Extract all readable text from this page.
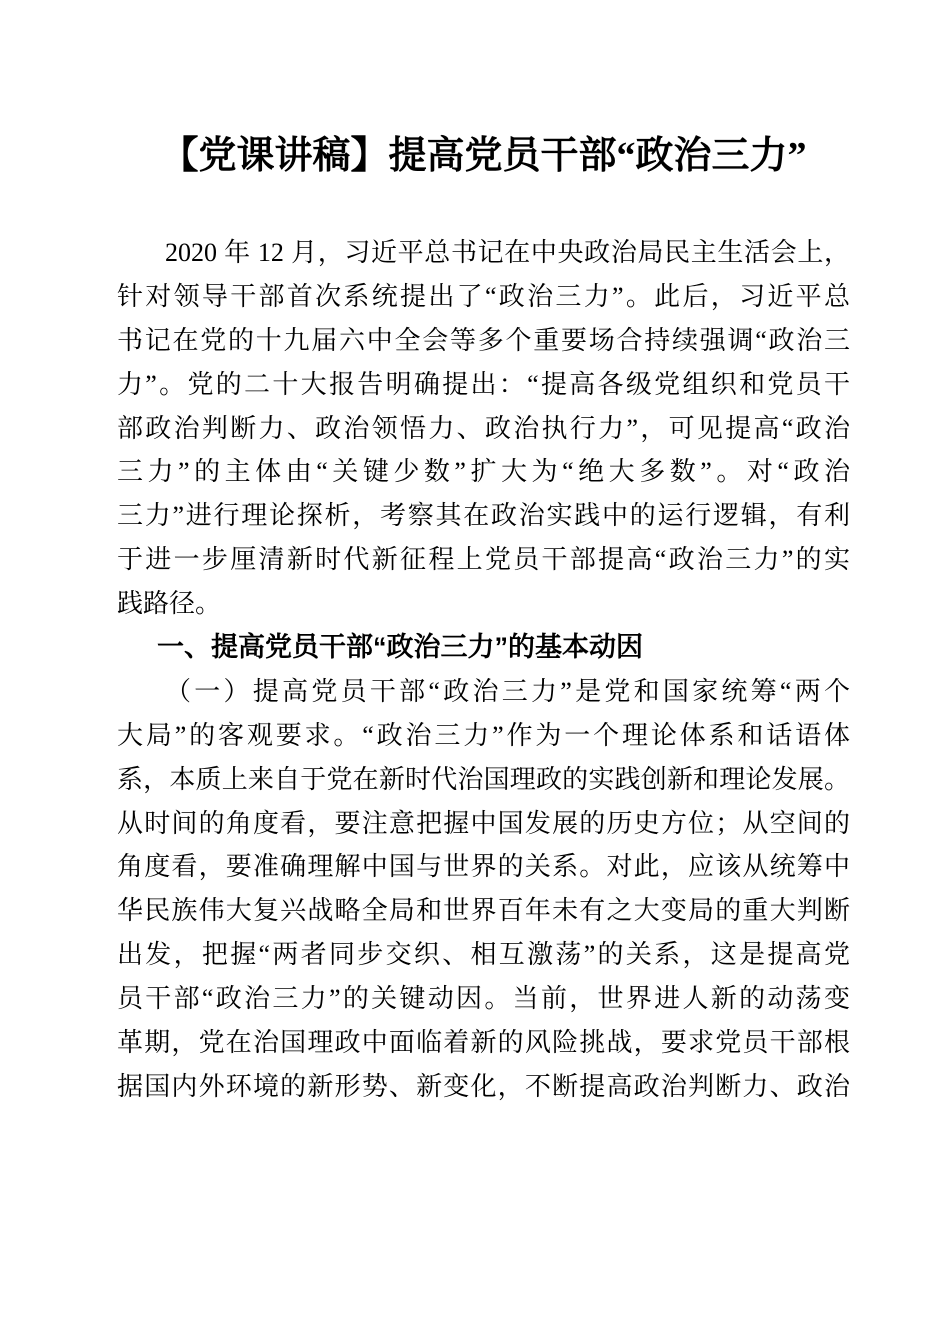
【党课讲稿】提高党员干部“政治三力”
2020 年 12 月，习近平总书记在中央政治局民主生活会上，
针对领导干部首次系统提出了“政治三力”。此后，习近平总
书记在党的十九届六中全会等多个重要场合持续强调“政治三
力”。党的二十大报告明确提出：“提高各级党组织和党员干
部政治判断力、政治领悟力、政治执行力”，可见提高“政治
三力”的主体由“关键少数”扩大为“绝大多数”。对“政治
三力”进行理论探析，考察其在政治实践中的运行逻辑，有利
于进一步厘清新时代新征程上党员干部提高“政治三力”的实
践路径。
一、提高党员干部“政治三力”的基本动因
（一）提高党员干部“政治三力”是党和国家统筹“两个
大局”的客观要求。“政治三力”作为一个理论体系和话语体
系，本质上来自于党在新时代治国理政的实践创新和理论发展。
从时间的角度看，要注意把握中国发展的历史方位；从空间的
角度看，要准确理解中国与世界的关系。对此，应该从统筹中
华民族伟大复兴战略全局和世界百年未有之大变局的重大判断
出发，把握“两者同步交织、相互激荡”的关系，这是提高党
员干部“政治三力”的关键动因。当前，世界进人新的动荡变
革期，党在治国理政中面临着新的风险挑战，要求党员干部根
据国内外环境的新形势、新变化，不断提高政治判断力、政治
